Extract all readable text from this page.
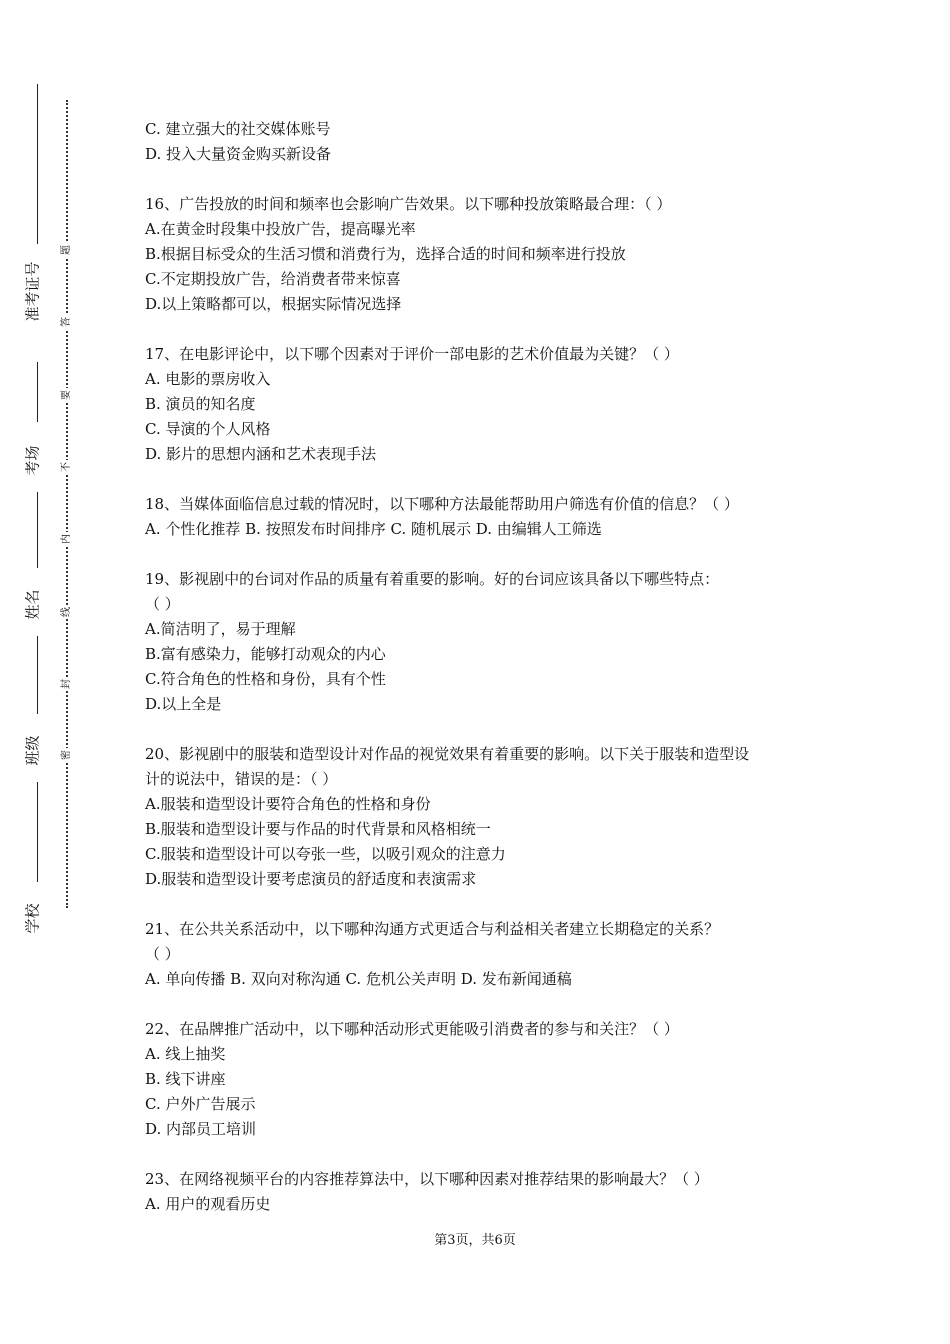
准考证号
考场
姓名
班级
学校
题
答
要
不
内
线
封
密
C. 建立强大的社交媒体账号
D. 投入大量资金购买新设备
16、广告投放的时间和频率也会影响广告效果。以下哪种投放策略最合理：（ ）
A.在黄金时段集中投放广告，提高曝光率
B.根据目标受众的生活习惯和消费行为，选择合适的时间和频率进行投放
C.不定期投放广告，给消费者带来惊喜
D.以上策略都可以，根据实际情况选择
17、在电影评论中，以下哪个因素对于评价一部电影的艺术价值最为关键？（ ）
A. 电影的票房收入
B. 演员的知名度
C. 导演的个人风格
D. 影片的思想内涵和艺术表现手法
18、当媒体面临信息过载的情况时，以下哪种方法最能帮助用户筛选有价值的信息？（ ）
A. 个性化推荐 B. 按照发布时间排序 C. 随机展示 D. 由编辑人工筛选
19、影视剧中的台词对作品的质量有着重要的影响。好的台词应该具备以下哪些特点：
（ ）
A.简洁明了，易于理解
B.富有感染力，能够打动观众的内心
C.符合角色的性格和身份，具有个性
D.以上全是
20、影视剧中的服装和造型设计对作品的视觉效果有着重要的影响。以下关于服装和造型设
计的说法中，错误的是：（ ）
A.服装和造型设计要符合角色的性格和身份
B.服装和造型设计要与作品的时代背景和风格相统一
C.服装和造型设计可以夸张一些，以吸引观众的注意力
D.服装和造型设计要考虑演员的舒适度和表演需求
21、在公共关系活动中，以下哪种沟通方式更适合与利益相关者建立长期稳定的关系？
（ ）
A. 单向传播 B. 双向对称沟通 C. 危机公关声明 D. 发布新闻通稿
22、在品牌推广活动中，以下哪种活动形式更能吸引消费者的参与和关注？（ ）
A. 线上抽奖
B. 线下讲座
C. 户外广告展示
D. 内部员工培训
23、在网络视频平台的内容推荐算法中，以下哪种因素对推荐结果的影响最大？（ ）
A. 用户的观看历史
第3页，共6页
